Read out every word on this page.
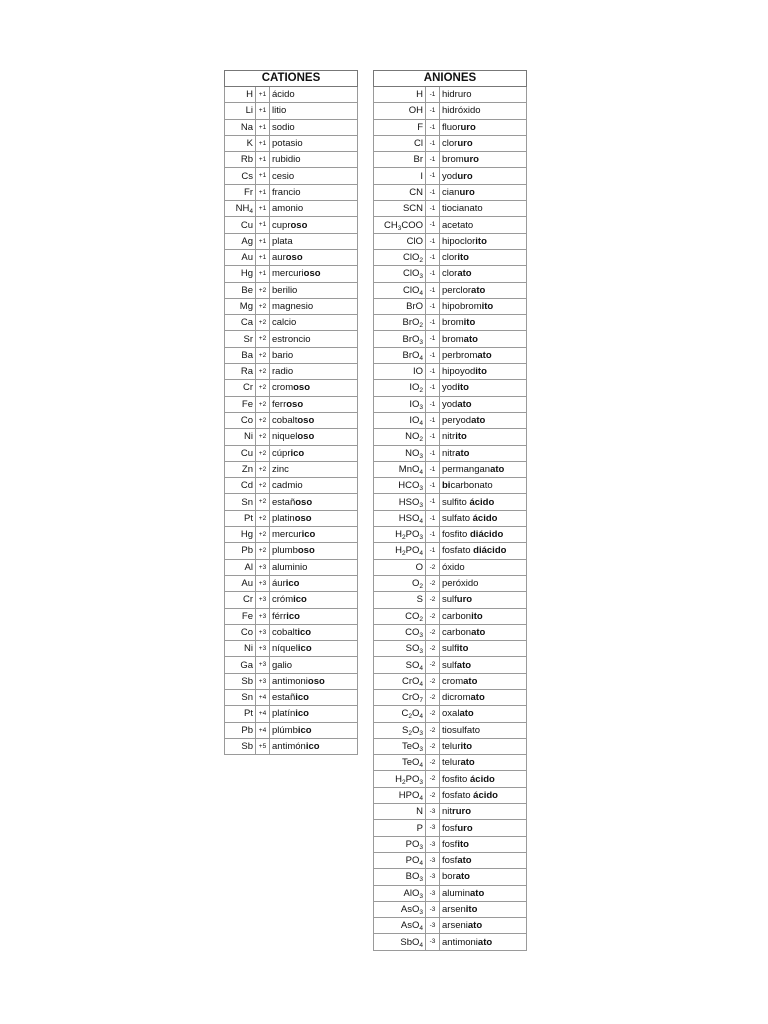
CATIONES		
H	+1	ácido
Li	+1	litio
Na	+1	sodio
K	+1	potasio
Rb	+1	rubidio
Cs	+1	cesio
Fr	+1	francio
$NH_4$	+1	amonio
Cu	+1	cuproso
Ag	+1	plata
Au	+1	auroso
Hg	+1	mercurioso
Be	+2	berilio
Mg	+2	magnesio
Ca	+2	calcio
Sr	+2	estroncio
Ba	+2	bario
Ra	+2	radio
Cr	+2	cromoso
Fe	+2	ferroso
Co	+2	cobaltoso
Ni	+2	niqueloso
Cu	+2	cúprico
Zn	+2	zinc
Cd	+2	cadmio
Sn	+2	estañoso
Pt	+2	platinoso
Hg	+2	mercurico
Pb	+2	plumboso
Al	+3	aluminio
Au	+3	áurico
Cr	+3	crómico
Fe	+3	férrico
Co	+3	cobaltico
Ni	+3	níquelico
Ga	+3	galio
Sb	+3	antimonioso
Sn	+4	estañico
Pt	+4	platínico
Pb	+4	plúmbico
Sb	+5	antimónico
ANIONES		
H	-1	hidruro
OH	-1	hidróxido
F	-1	fluoruro
Cl	-1	cloruro
Br	-1	bromuro
I	-1	yoduro
CN	-1	cianuro
SCN	-1	tiocianato
$CH_3COO$	-1	acetato
ClO	-1	hipoclorito
ClO$_2$	-1	clorito
ClO$_3$	-1	clorato
ClO$_4$	-1	perclorato
BrO	-1	hipobromito
BrO$_2$	-1	bromito
BrO$_3$	-1	bromato
BrO$_4$	-1	perbromato
IO	-1	hipoyodito
$IO_2$	-1	yodito
$IO_3$	-1	yodato
$IO_4$	-1	peryodato
$NO_2$	-1	nitrito
$NO_3$	-1	nitrato
MnO$_4$	-1	permanganato
$HCO_3$	-1	bicarbonato
$HSO_3$	-1	sulfito ácido
$HSO_4$	-1	sulfato ácido
$H_2PO_3$	-1	fosfito diácido
$H_2PO_4$	-1	fosfato diácido
O	-2	óxido
$O_2$	-2	peróxido
S	-2	sulfuro
$CO_2$	-2	carbonito
$CO_3$	-2	carbonato
$SO_3$	-2	sulfito
$SO_4$	-2	sulfato
CrO$_4$	-2	cromato
CrO$_7$	-2	dicromato
$C_2O_4$	-2	oxalato
$S_2O_3$	-2	tiosulfato
TeO$_3$	-2	telurito
TeO$_4$	-2	telurato
$H_2PO_3$	-2	fosfito ácido
$HPO_4$	-2	fosfato ácido
N	-3	nitruro
P	-3	fosfuro
$PO_3$	-3	fosfito
$PO_4$	-3	fosfato
$BO_3$	-3	borato
AlO$_3$	-3	aluminato
AsO$_3$	-3	arsenito
AsO$_4$	-3	arseniato
SbO$_4$	-3	antimoniato
